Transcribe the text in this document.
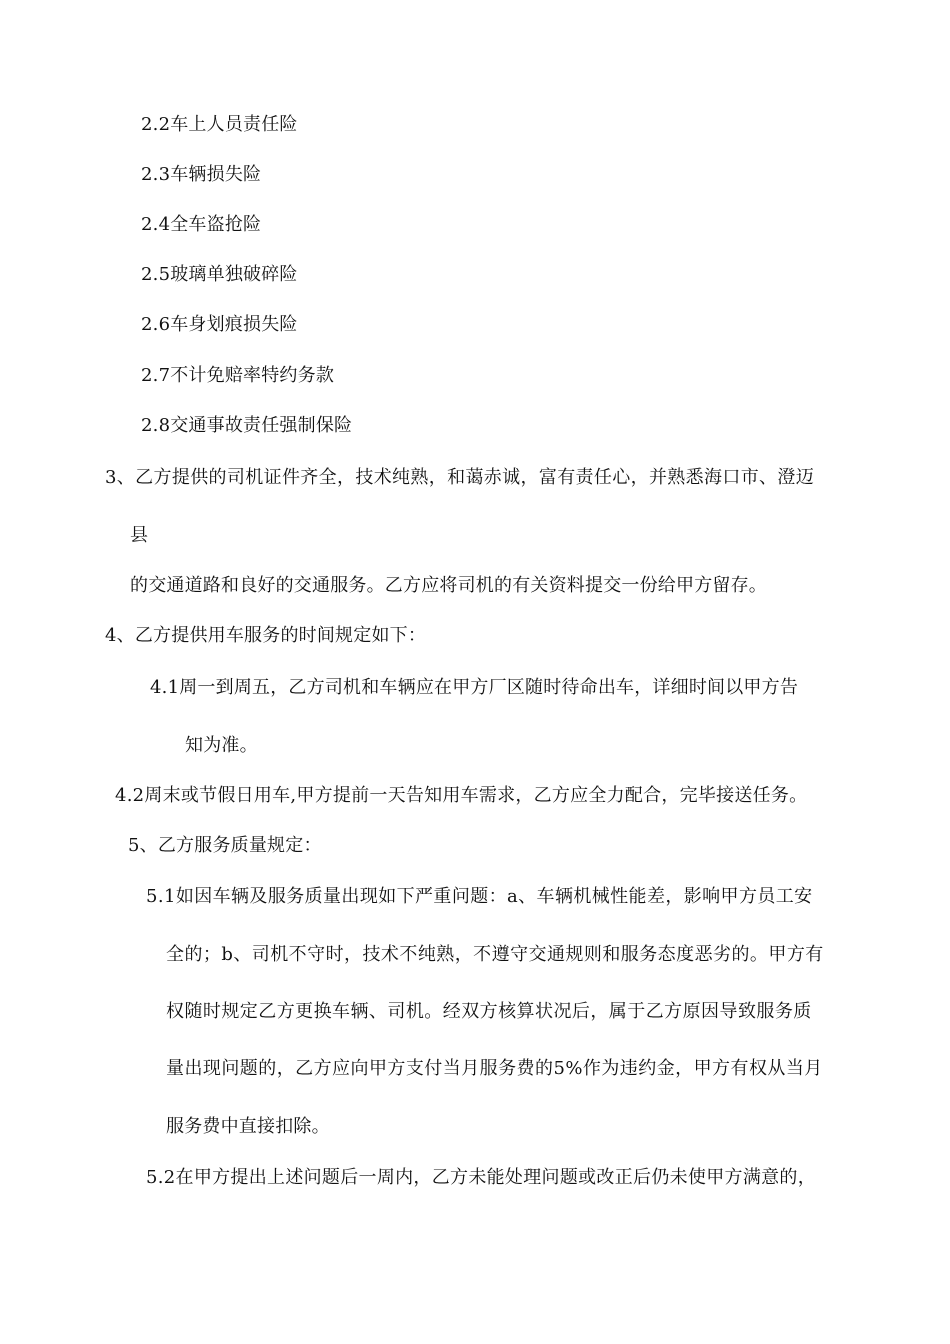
2.2车上人员责任险
2.3车辆损失险
2.4全车盗抢险
2.5玻璃单独破碎险
2.6车身划痕损失险
2.7不计免赔率特约务款
2.8交通事故责任强制保险
3、乙方提供的司机证件齐全，技术纯熟，和蔼赤诚，富有责任心，并熟悉海口市、澄迈
县
的交通道路和良好的交通服务。乙方应将司机的有关资料提交一份给甲方留存。
4、乙方提供用车服务的时间规定如下：
4.1周一到周五，乙方司机和车辆应在甲方厂区随时待命出车，详细时间以甲方告
知为准。
4.2周末或节假日用车,甲方提前一天告知用车需求，乙方应全力配合，完毕接送任务。
5、乙方服务质量规定：
5.1如因车辆及服务质量出现如下严重问题：a、车辆机械性能差，影响甲方员工安
全的；b、司机不守时，技术不纯熟，不遵守交通规则和服务态度恶劣的。甲方有
权随时规定乙方更换车辆、司机。经双方核算状况后，属于乙方原因导致服务质
量出现问题的，乙方应向甲方支付当月服务费的5%作为违约金，甲方有权从当月
服务费中直接扣除。
5.2在甲方提出上述问题后一周内，乙方未能处理问题或改正后仍未使甲方满意的，
